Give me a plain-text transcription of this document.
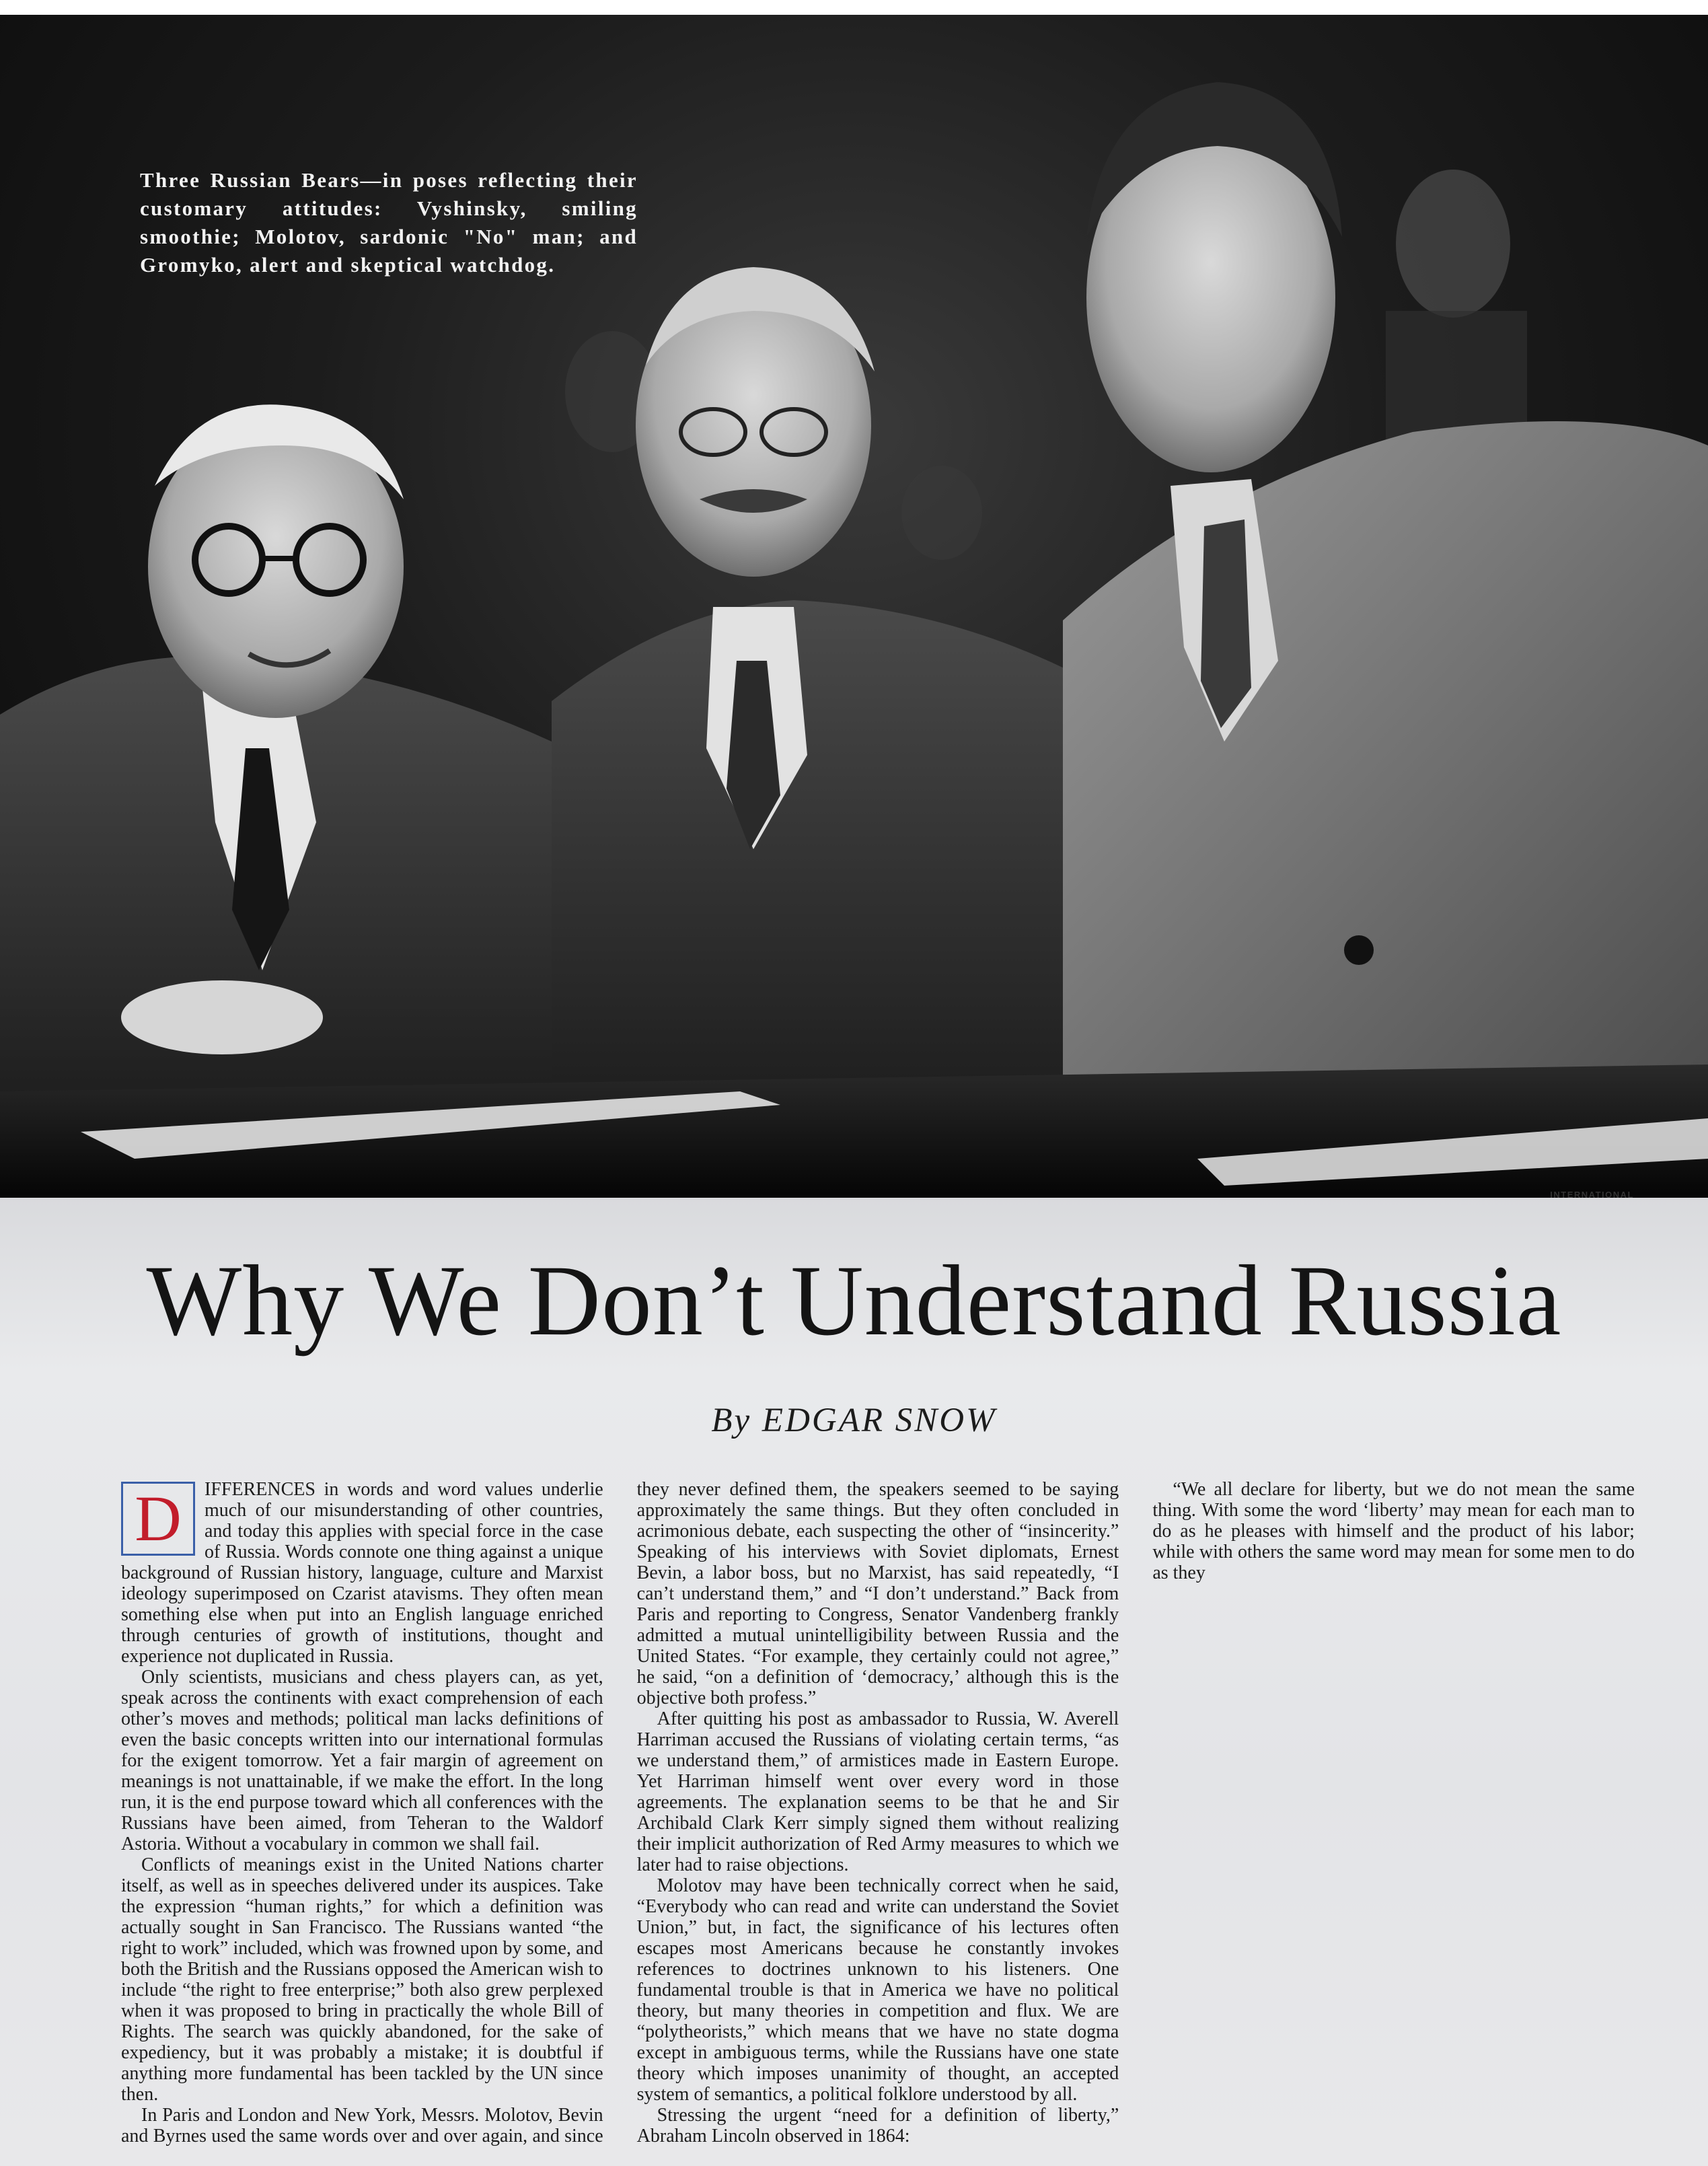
Three Russian Bears—in poses reflecting their customary attitudes: Vyshinsky, smiling smoothie; Molotov, sardonic "No" man; and Gromyko, alert and skeptical watchdog.
INTERNATIONAL
Why We Don’t Understand Russia
By EDGAR SNOW

D	IFFERENCES in words and word values underlie much of our misunderstanding of other countries, and today this applies with special force in the case of Russia. Words connote one thing against a unique background of Russian history, language, culture and Marxist ideology superimposed on Czarist atavisms. They often mean something else when put into an English language enriched through centuries of growth of institutions, thought and experience not duplicated in Russia.

Only scientists, musicians and chess players can, as yet, speak across the continents with exact comprehension of each other’s moves and methods; political man lacks definitions of even the basic concepts written into our international formulas for the exigent tomorrow. Yet a fair margin of agreement on meanings is not unattainable, if we make the effort. In the long run, it is the end purpose toward which all conferences with the Russians have been aimed, from Teheran to the Waldorf Astoria. Without a vocabulary in common we shall fail.

Conflicts of meanings exist in the United Nations charter itself, as well as in speeches delivered under its auspices. Take the expression “human rights,” for which a definition was actually sought in San Francisco. The Russians wanted “the right to work” included, which was frowned upon by some, and both the British and the Russians opposed the American wish to include “the right to free enterprise;” both also grew perplexed when it was proposed to bring in practically the whole Bill of Rights. The search was quickly abandoned, for the sake of expediency, but it was probably a mistake; it is doubtful if anything more fundamental has been tackled by the UN since then.

In Paris and London and New York, Messrs. Molotov, Bevin and Byrnes used the same words over and over again, and since they never defined them, the speakers seemed to be saying approximately the same things. But they often concluded in acrimonious debate, each suspecting the other of “insincerity.” Speaking of his interviews with Soviet diplomats, Ernest Bevin, a labor boss, but no Marxist, has said repeatedly, “I can’t understand them,” and “I don’t understand.” Back from Paris and reporting to Congress, Senator Vandenberg frankly admitted a mutual unintelligibility between Russia and the United States. “For example, they certainly could not agree,” he said, “on a definition of ‘democracy,’ although this is the objective both profess.”

After quitting his post as ambassador to Russia, W. Averell Harriman accused the Russians of violating certain terms, “as we understand them,” of armistices made in Eastern Europe. Yet Harriman himself went over every word in those agreements. The explanation seems to be that he and Sir Archibald Clark Kerr simply signed them without realizing their implicit authorization of Red Army measures to which we later had to raise objections.

Molotov may have been technically correct when he said, “Everybody who can read and write can understand the Soviet Union,” but, in fact, the significance of his lectures often escapes most Americans because he constantly invokes references to doctrines unknown to his listeners. One fundamental trouble is that in America we have no political theory, but many theories in competition and flux. We are “polytheorists,” which means that we have no state dogma except in ambiguous terms, while the Russians have one state theory which imposes unanimity of thought, an accepted system of semantics, a political folklore understood by all.

Stressing the urgent “need for a definition of liberty,” Abraham Lincoln observed in 1864:

“We all declare for liberty, but we do not mean the same thing. With some the word ‘liberty’ may mean for each man to do as he pleases with himself and the product of his labor; while with others the same word may mean for some men to do as they
